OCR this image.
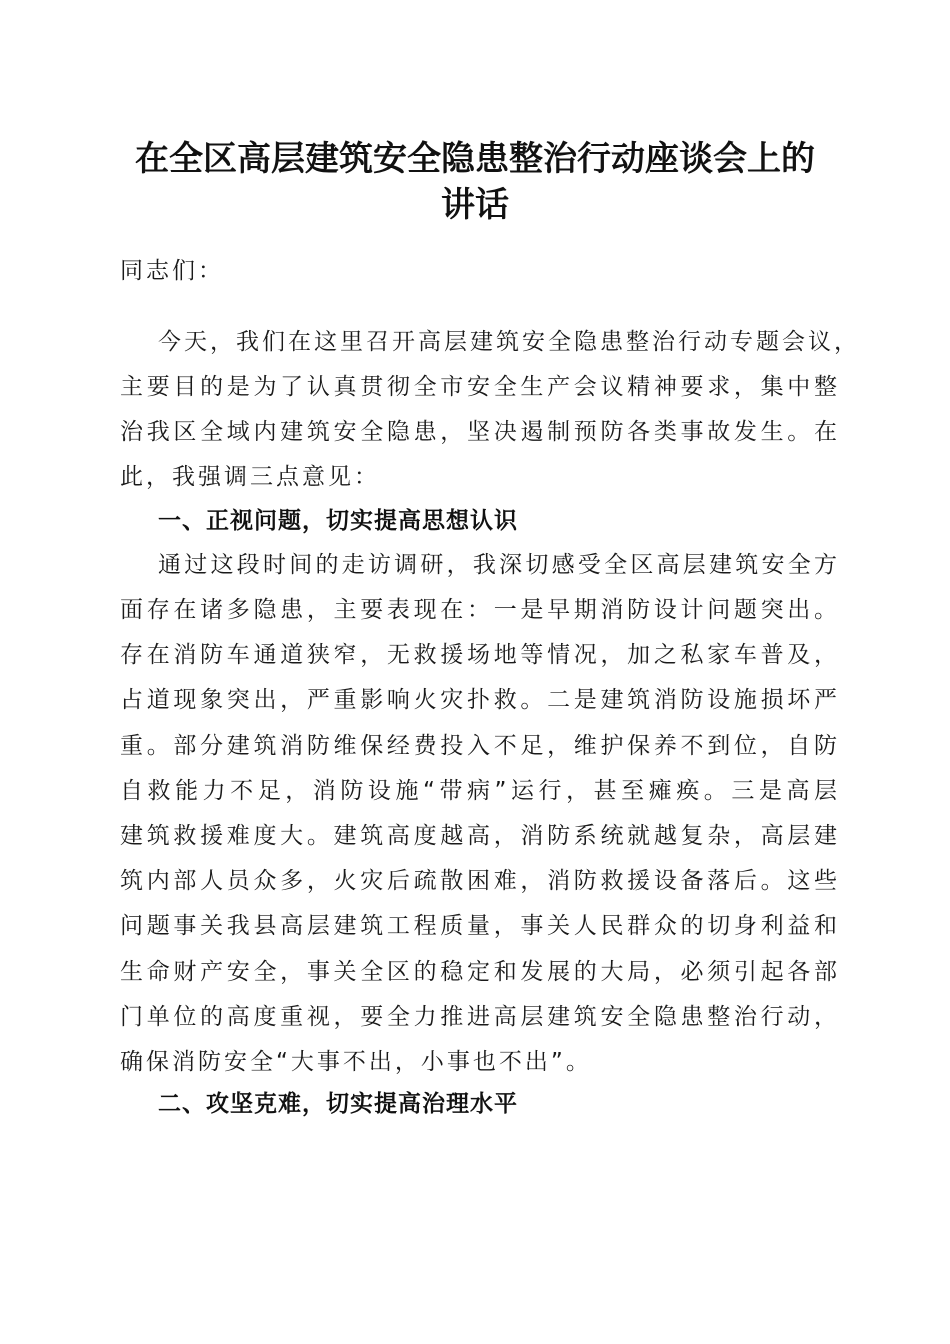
在全区高层建筑安全隐患整治行动座谈会上的
讲话
同志们：
今天，我们在这里召开高层建筑安全隐患整治行动专题会议，
主要目的是为了认真贯彻全市安全生产会议精神要求，集中整
治我区全域内建筑安全隐患，坚决遏制预防各类事故发生。在
此，我强调三点意见：
一、正视问题，切实提高思想认识
通过这段时间的走访调研，我深切感受全区高层建筑安全方
面存在诸多隐患，主要表现在：一是早期消防设计问题突出。
存在消防车通道狭窄，无救援场地等情况，加之私家车普及，
占道现象突出，严重影响火灾扑救。二是建筑消防设施损坏严
重。部分建筑消防维保经费投入不足，维护保养不到位，自防
自救能力不足，消防设施“带病”运行，甚至瘫痪。三是高层
建筑救援难度大。建筑高度越高，消防系统就越复杂，高层建
筑内部人员众多，火灾后疏散困难，消防救援设备落后。这些
问题事关我县高层建筑工程质量，事关人民群众的切身利益和
生命财产安全，事关全区的稳定和发展的大局，必须引起各部
门单位的高度重视，要全力推进高层建筑安全隐患整治行动，
确保消防安全“大事不出，小事也不出”。
二、攻坚克难，切实提高治理水平
